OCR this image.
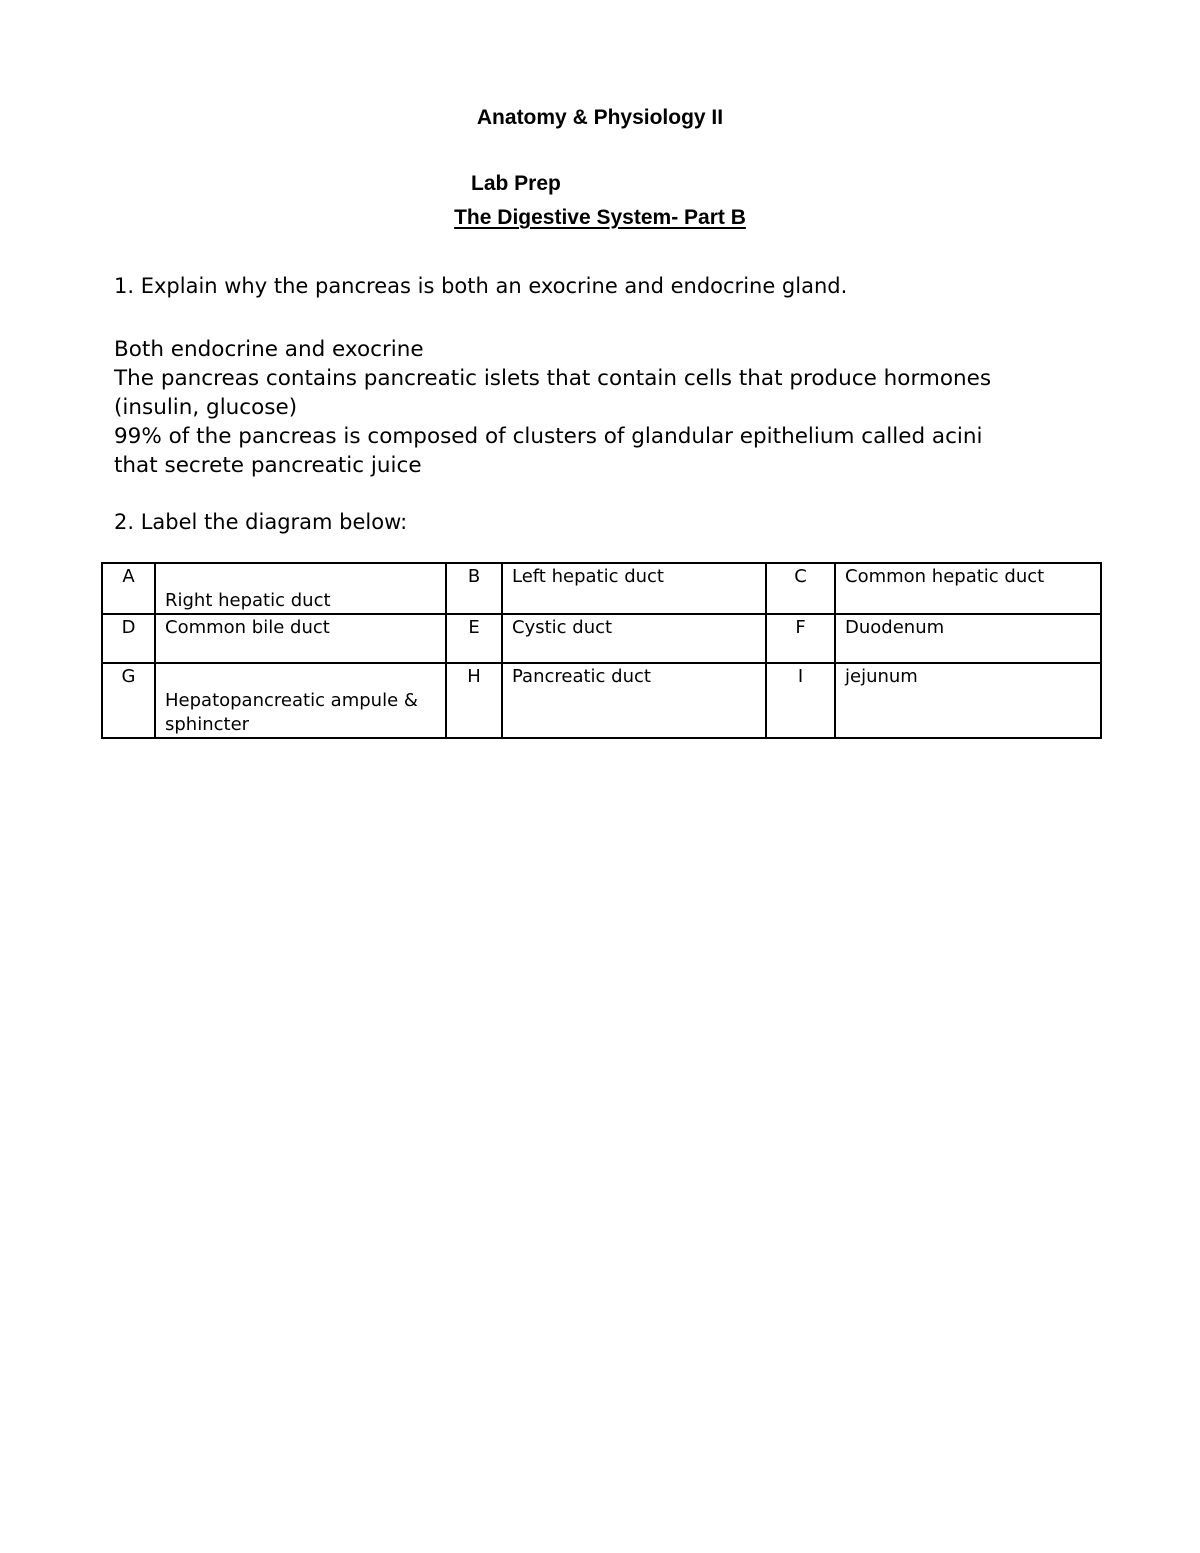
Anatomy & Physiology II
Lab Prep
The Digestive System- Part B
1. Explain why the pancreas is both an exocrine and endocrine gland.
Both endocrine and exocrine
The pancreas contains pancreatic islets that contain cells that produce hormones
(insulin, glucose)
99% of the pancreas is composed of clusters of glandular epithelium called acini
that secrete pancreatic juice
2. Label the diagram below:
A	Right hepatic duct	B	Left hepatic duct	C	Common hepatic duct
D	Common bile duct	E	Cystic duct	F	Duodenum
G	Hepatopancreatic ampule & sphincter	H	Pancreatic duct	I	jejunum
